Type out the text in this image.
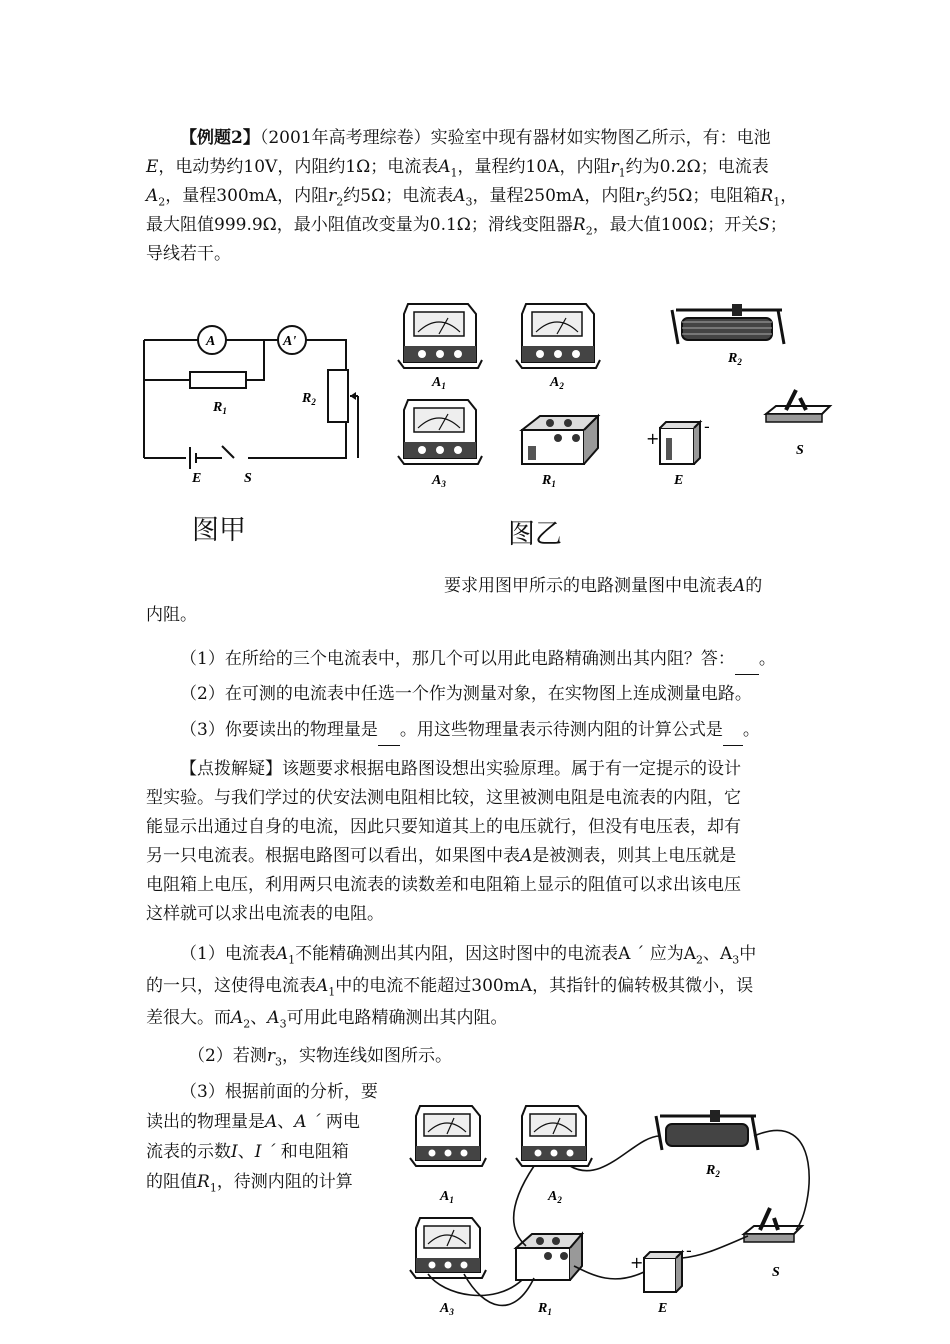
【例题2】（2001年高考理综卷）实验室中现有器材如实物图乙所示，有：电池
E，电动势约10V，内阻约1Ω；电流表$A_1$，量程约10A，内阻$r_1$约为0.2Ω；电流表
$A_2$，量程300mA，内阻$r_2$约5Ω；电流表$A_3$，量程250mA，内阻$r_3$约5Ω；电阻箱$R_1$，
最大阻值999.9Ω，最小阻值改变量为0.1Ω；滑线变阻器$R_2$，最大值100Ω；开关S；
导线若干。
A	A'
$R_1$
$R_2$
E	S
图甲
+
-
$A_1$	$A_2$
$A_3$	$R_1$
$R_2$
E
S
图乙
要求用图甲所示的电路测量图中电流表A的
内阻。
（1）在所给的三个电流表中，那几个可以用此电路精确测出其内阻？答： 。
（2）在可测的电流表中任选一个作为测量对象，在实物图上连成测量电路。
（3）你要读出的物理量是 。用这些物理量表示待测内阻的计算公式是 。
【点拨解疑】该题要求根据电路图设想出实验原理。属于有一定提示的设计
型实验。与我们学过的伏安法测电阻相比较，这里被测电阻是电流表的内阻，它
能显示出通过自身的电流，因此只要知道其上的电压就行，但没有电压表，却有
另一只电流表。根据电路图可以看出，如果图中表A是被测表，则其上电压就是
电阻箱上电压，利用两只电流表的读数差和电阻箱上显示的阻值可以求出该电压
这样就可以求出电流表的电阻。
（1）电流表$A_1$不能精确测出其内阻，因这时图中的电流表A ´ 应为$A_2$、$A_3$中
的一只，这使得电流表$A_1$中的电流不能超过300mA，其指针的偏转极其微小，误
差很大。而$A_2$、$A_3$可用此电路精确测出其内阻。
（2）若测$r_3$，实物连线如图所示。
（3）根据前面的分析，要
读出的物理量是A、A ´ 两电
流表的示数I、I ´ 和电阻箱
的阻值$R_1$，待测内阻的计算
+
-
$A_1$	$A_2$
$A_3$	$R_1$
$R_2$
E
S
